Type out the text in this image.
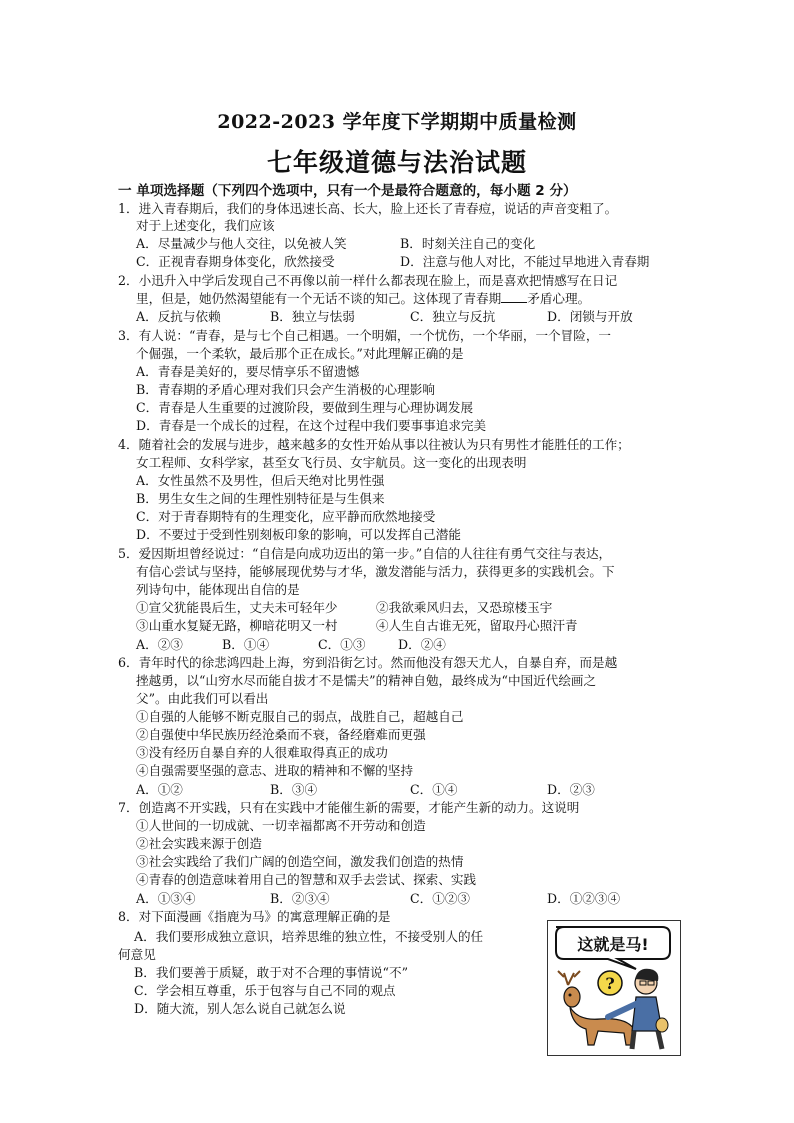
2022-2023 学年度下学期期中质量检测
七年级道德与法治试题
一 单项选择题（下列四个选项中，只有一个是最符合题意的，每小题 2 分）
1．进入青春期后，我们的身体迅速长高、长大，脸上还长了青春痘，说话的声音变粗了。
对于上述变化，我们应该
A．尽量减少与他人交往，以免被人笑	B．时刻关注自己的变化
C．正视青春期身体变化，欣然接受	D．注意与他人对比，不能过早地进入青春期
2．小迅升入中学后发现自己不再像以前一样什么都表现在脸上，而是喜欢把情感写在日记
里，但是，她仍然渴望能有一个无话不谈的知己。这体现了青春期 矛盾心理。
A．反抗与依赖	B．独立与怯弱	C．独立与反抗	D．闭锁与开放
3．有人说：“青春，是与七个自己相遇。一个明媚，一个忧伤，一个华丽，一个冒险，一
个倔强，一个柔软，最后那个正在成长。”对此理解正确的是
A．青春是美好的，要尽情享乐不留遗憾
B．青春期的矛盾心理对我们只会产生消极的心理影响
C．青春是人生重要的过渡阶段，要做到生理与心理协调发展
D．青春是一个成长的过程，在这个过程中我们要事事追求完美
4．随着社会的发展与进步，越来越多的女性开始从事以往被认为只有男性才能胜任的工作；
女工程师、女科学家，甚至女飞行员、女宇航员。这一变化的出现表明
A．女性虽然不及男性，但后天绝对比男性强
B．男生女生之间的生理性别特征是与生俱来
C．对于青春期特有的生理变化，应平静而欣然地接受
D．不要过于受到性别刻板印象的影响，可以发挥自己潜能
5．爱因斯坦曾经说过：“自信是向成功迈出的第一步。”自信的人往往有勇气交往与表达，
有信心尝试与坚持，能够展现优势与才华，激发潜能与活力，获得更多的实践机会。下
列诗句中，能体现出自信的是
①宣父犹能畏后生，丈夫未可轻年少	②我欲乘风归去，又恐琼楼玉宇
③山重水复疑无路，柳暗花明又一村	④人生自古谁无死，留取丹心照汗青
A．②③	B．①④	C．①③	D．②④
6．青年时代的徐悲鸿四赴上海，穷到沿街乞讨。然而他没有怨天尤人，自暴自弃，而是越
挫越勇，以“山穷水尽而能自拔才不是懦夫”的精神自勉，最终成为“中国近代绘画之
父”。由此我们可以看出
①自强的人能够不断克服自己的弱点，战胜自己，超越自己
②自强使中华民族历经沧桑而不衰，备经磨难而更强
③没有经历自暴自弃的人很难取得真正的成功
④自强需要坚强的意志、进取的精神和不懈的坚持
A．①②	B．③④	C．①④	D．②③
7．创造离不开实践，只有在实践中才能催生新的需要，才能产生新的动力。这说明
①人世间的一切成就、一切幸福都离不开劳动和创造
②社会实践来源于创造
③社会实践给了我们广阔的创造空间，激发我们创造的热情
④青春的创造意味着用自己的智慧和双手去尝试、探索、实践
A．①③④	B．②③④	C．①②③	D．①②③④
8．对下面漫画《指鹿为马》的寓意理解正确的是
A．我们要形成独立意识，培养思维的独立性，不接受别人的任
何意见
B．我们要善于质疑，敢于对不合理的事情说“不”
C．学会相互尊重，乐于包容与自己不同的观点
D．随大流，别人怎么说自己就怎么说
这就是马!
?
